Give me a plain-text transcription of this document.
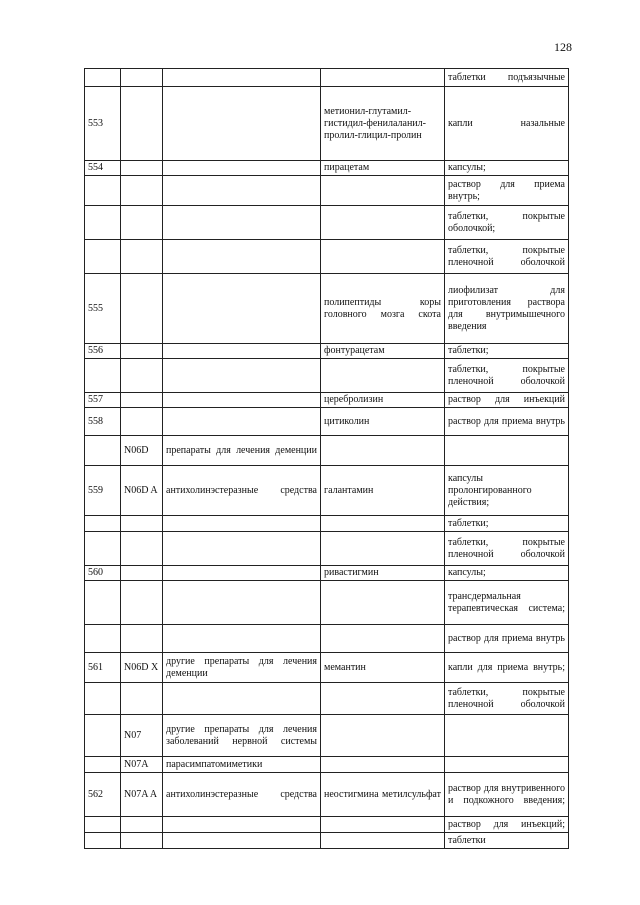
128
				таблетки подъязычные
553			метионил-глутамил-гистидил-фенилаланил-пролил-глицил-пролин	капли назальные
554			пирацетам	капсулы;
				раствор для приема внутрь;
				таблетки, покрытые оболочкой;
				таблетки, покрытые пленочной оболочкой
555			полипептиды коры головного мозга скота	лиофилизат для приготовления раствора для внутримышечного введения
556			фонтурацетам	таблетки;
				таблетки, покрытые пленочной оболочкой
557			церебролизин	раствор для инъекций
558			цитиколин	раствор для приема внутрь
	N06D	препараты для лечения деменции		
559	N06D A	антихолинэстеразные средства	галантамин	капсулы пролонгированного действия;
				таблетки;
				таблетки, покрытые пленочной оболочкой
560			ривастигмин	капсулы;
				трансдермальная терапевтическая система;
				раствор для приема внутрь
561	N06D X	другие препараты для лечения деменции	мемантин	капли для приема внутрь;
				таблетки, покрытые пленочной оболочкой
	N07	другие препараты для лечения заболеваний нервной системы		
	N07A	парасимпатомиметики		
562	N07A A	антихолинэстеразные средства	неостигмина метилсульфат	раствор для внутривенного и подкожного введения;
				раствор для инъекций;
				таблетки
